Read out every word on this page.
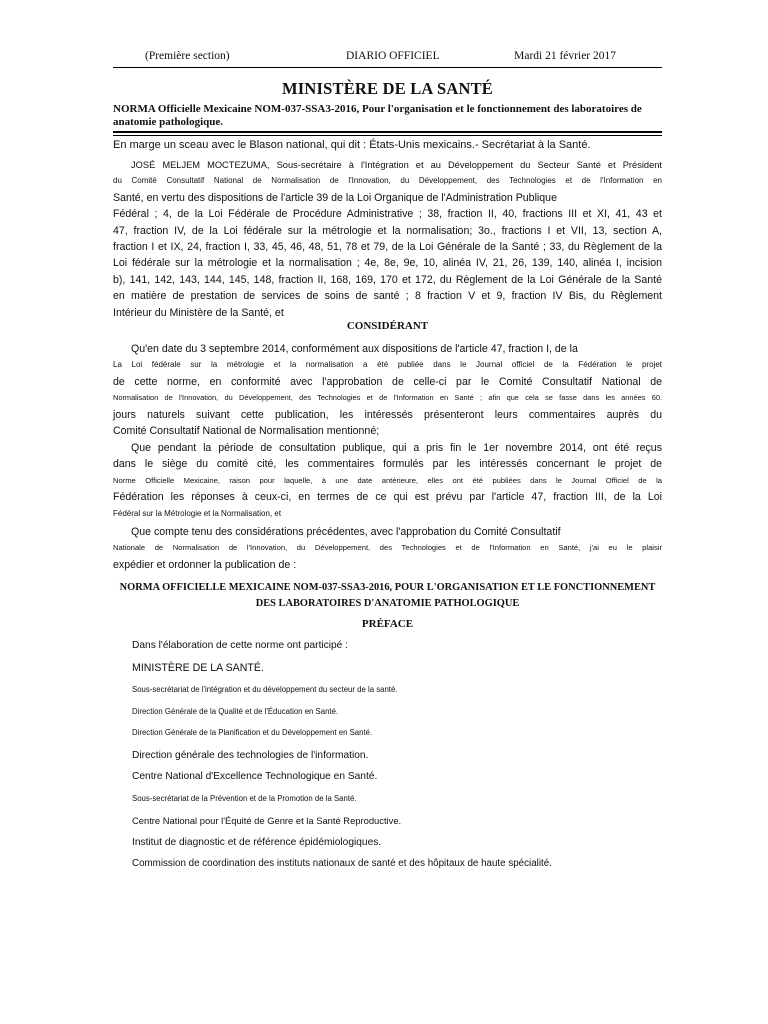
(Première section)	DIARIO OFFICIEL	Mardi 21 février 2017
MINISTÈRE DE LA SANTÉ
NORMA Officielle Mexicaine NOM-037-SSA3-2016, Pour l'organisation et le fonctionnement des laboratoires de anatomie pathologique.
En marge un sceau avec le Blason national, qui dit : États-Unis mexicains.- Secrétariat à la Santé.
JOSÉ MELJEM MOCTEZUMA, Sous-secrétaire à l'Intégration et au Développement du Secteur Santé et Président
du Comité Consultatif National de Normalisation de l'Innovation, du Développement, des Technologies et de l'Information en
Santé, en vertu des dispositions de l'article 39 de la Loi Organique de l'Administration Publique
Fédéral ; 4, de la Loi Fédérale de Procédure Administrative ; 38, fraction II, 40, fractions III et XI, 41, 43 et
47, fraction IV, de la Loi fédérale sur la métrologie et la normalisation; 3o., fractions I et VII, 13, section A,
fraction I et IX, 24, fraction I, 33, 45, 46, 48, 51, 78 et 79, de la Loi Générale de la Santé ; 33, du Règlement de la
Loi fédérale sur la métrologie et la normalisation ; 4e, 8e, 9e, 10, alinéa IV, 21, 26, 139, 140, alinéa I, incision
b), 141, 142, 143, 144, 145, 148, fraction II, 168, 169, 170 et 172, du Règlement de la Loi Générale de la Santé
en matière de prestation de services de soins de santé ; 8 fraction V et 9, fraction IV Bis, du Règlement
Intérieur du Ministère de la Santé, et
CONSIDÉRANT
Qu'en date du 3 septembre 2014, conformément aux dispositions de l'article 47, fraction I, de la
La Loi fédérale sur la métrologie et la normalisation a été publiée dans le Journal officiel de la Fédération le projet
de cette norme, en conformité avec l'approbation de celle-ci par le Comité Consultatif National de
Normalisation de l'Innovation, du Développement, des Technologies et de l'Information en Santé ; afin que cela se fasse dans les années 60.
jours naturels suivant cette publication, les intéressés présenteront leurs commentaires auprès du
Comité Consultatif National de Normalisation mentionné;
Que pendant la période de consultation publique, qui a pris fin le 1er novembre 2014, ont été reçus
dans le siège du comité cité, les commentaires formulés par les intéressés concernant le projet de
Norme Officielle Mexicaine, raison pour laquelle, à une date antérieure, elles ont été publiées dans le Journal Officiel de la
Fédération les réponses à ceux-ci, en termes de ce qui est prévu par l'article 47, fraction III, de la Loi
Fédéral sur la Métrologie et la Normalisation, et
Que compte tenu des considérations précédentes, avec l'approbation du Comité Consultatif
Nationale de Normalisation de l'Innovation, du Développement, des Technologies et de l'Information en Santé, j'ai eu le plaisir
expédier et ordonner la publication de :
NORMA OFFICIELLE MEXICAINE NOM-037-SSA3-2016, POUR L'ORGANISATION ET LE FONCTIONNEMENT
DES LABORATOIRES D'ANATOMIE PATHOLOGIQUE
PRÉFACE
Dans l'élaboration de cette norme ont participé :
MINISTÈRE DE LA SANTÉ.
Sous-secrétariat de l'intégration et du développement du secteur de la santé.
Direction Générale de la Qualité et de l'Éducation en Santé.
Direction Générale de la Planification et du Développement en Santé.
Direction générale des technologies de l'information.
Centre National d'Excellence Technologique en Santé.
Sous-secrétariat de la Prévention et de la Promotion de la Santé.
Centre National pour l'Équité de Genre et la Santé Reproductive.
Institut de diagnostic et de référence épidémiologiques.
Commission de coordination des instituts nationaux de santé et des hôpitaux de haute spécialité.
